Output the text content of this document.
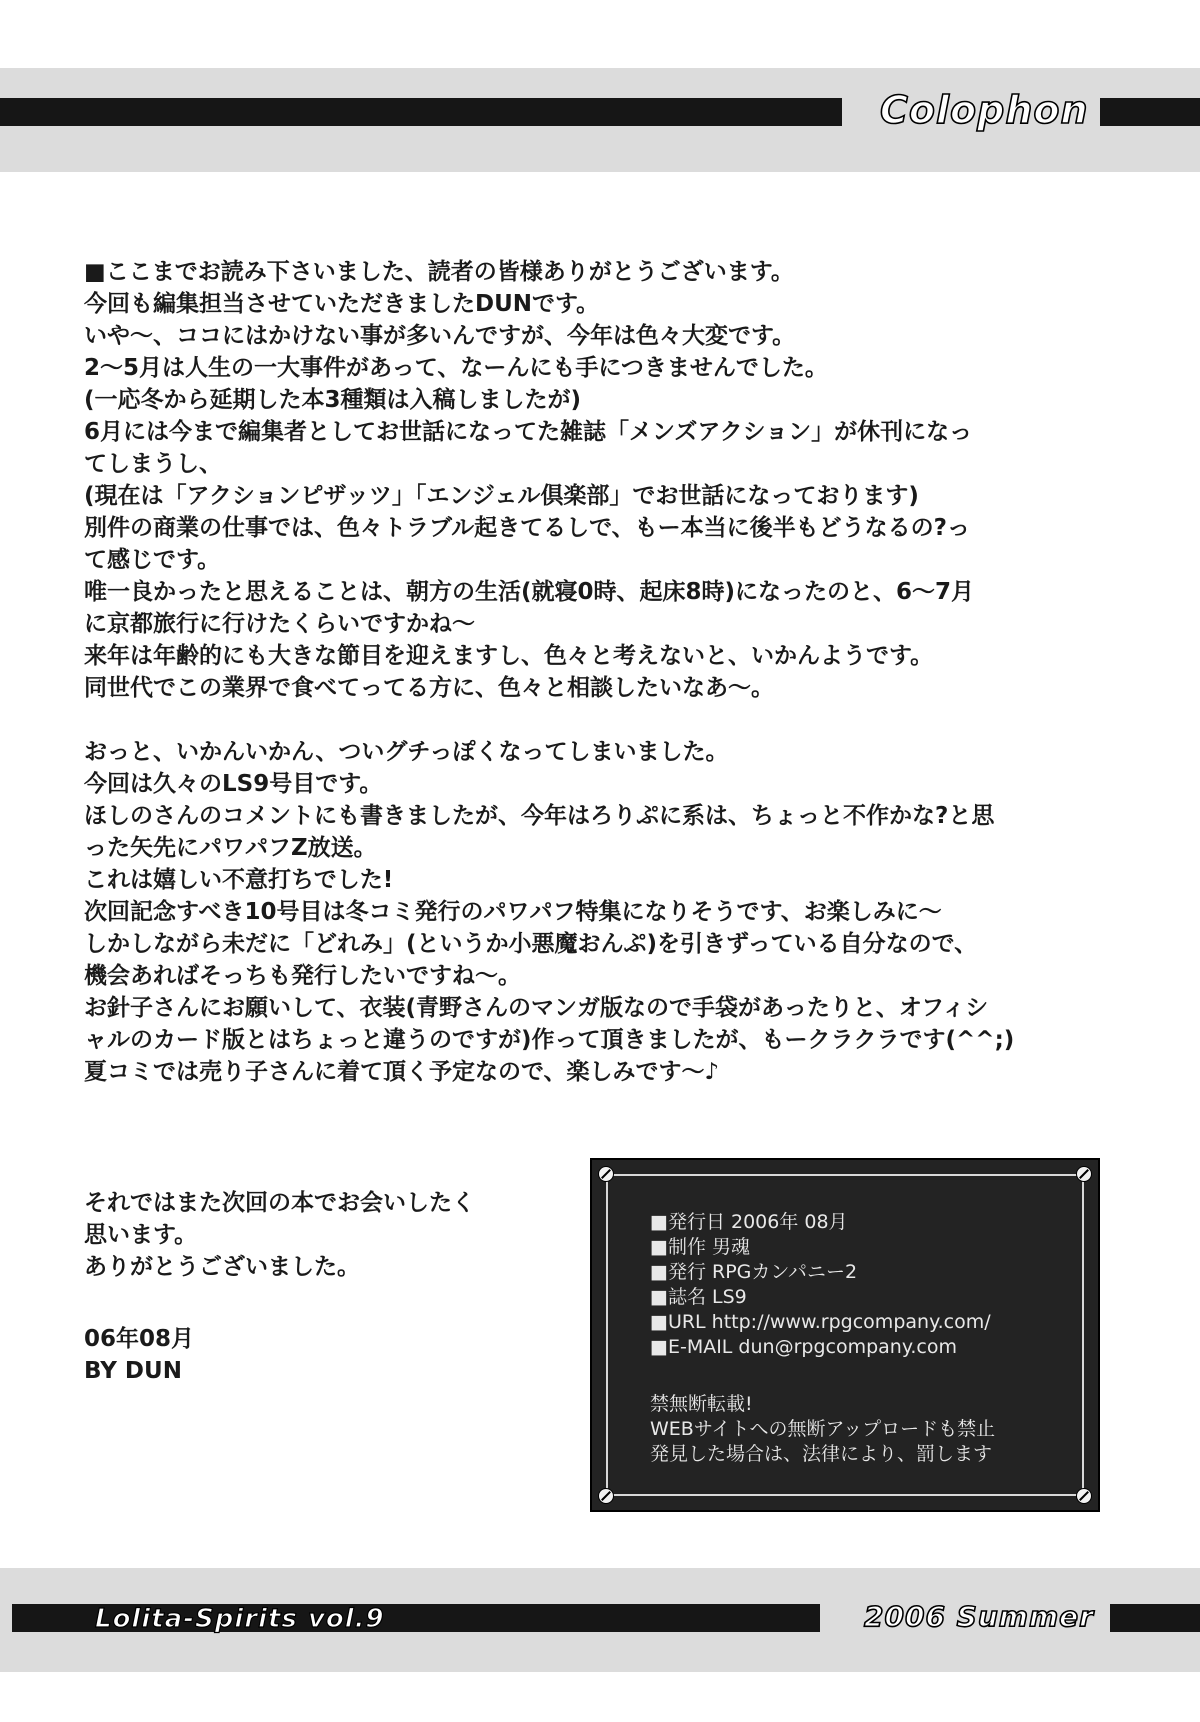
Colophon

■ここまでお読み下さいました、読者の皆様ありがとうございます。

今回も編集担当させていただきましたDUNです。

いや～、ココにはかけない事が多いんですが、今年は色々大変です。

2～5月は人生の一大事件があって、なーんにも手につきませんでした。

(一応冬から延期した本3種類は入稿しましたが)

6月には今まで編集者としてお世話になってた雑誌「メンズアクション」が休刊になっ

てしまうし、

(現在は「アクションピザッツ」「エンジェル倶楽部」でお世話になっております)

別件の商業の仕事では、色々トラブル起きてるしで、もー本当に後半もどうなるの?っ

て感じです。

唯一良かったと思えることは、朝方の生活(就寝0時、起床8時)になったのと、6～7月

に京都旅行に行けたくらいですかね～

来年は年齢的にも大きな節目を迎えますし、色々と考えないと、いかんようです。

同世代でこの業界で食べてってる方に、色々と相談したいなあ～。

おっと、いかんいかん、ついグチっぽくなってしまいました。

今回は久々のLS9号目です。

ほしのさんのコメントにも書きましたが、今年はろりぷに系は、ちょっと不作かな?と思

った矢先にパワパフZ放送。

これは嬉しい不意打ちでした!

次回記念すべき10号目は冬コミ発行のパワパフ特集になりそうです、お楽しみに～

しかしながら未だに「どれみ」(というか小悪魔おんぷ)を引きずっている自分なので、

機会あればそっちも発行したいですね～。

お針子さんにお願いして、衣装(青野さんのマンガ版なので手袋があったりと、オフィシ

ャルのカード版とはちょっと違うのですが)作って頂きましたが、もークラクラです(^^;)

夏コミでは売り子さんに着て頂く予定なので、楽しみです～♪

それではまた次回の本でお会いしたく

思います。

ありがとうございました。

06年08月

BY DUN

■発行日 2006年 08月

■制作 男魂

■発行 RPGカンパニー2

■誌名 LS9

■URL http://www.rpgcompany.com/

■E-MAIL dun@rpgcompany.com

禁無断転載!

WEBサイトへの無断アップロードも禁止

発見した場合は、法律により、罰します

Lolita-Spirits vol.9	2006 Summer
